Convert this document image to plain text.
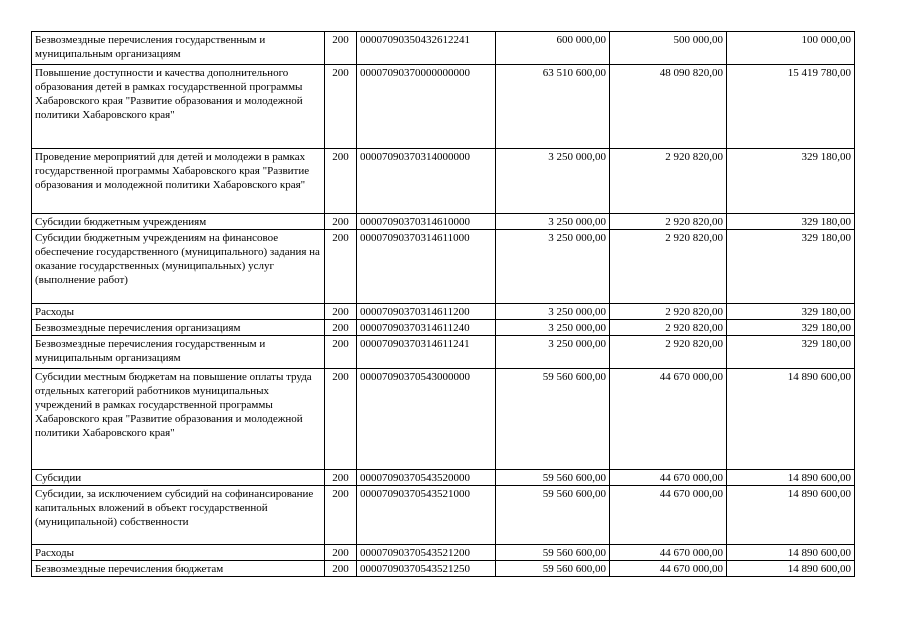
Безвозмездные перечисления государственным и муниципальным организациям	200	00007090350432612241	600 000,00	500 000,00	100 000,00
Повышение доступности и качества дополнительного образования детей в рамках государственной программы Хабаровского края "Развитие образования и молодежной политики Хабаровского края"	200	00007090370000000000	63 510 600,00	48 090 820,00	15 419 780,00
Проведение мероприятий для детей и молодежи в рамках государственной программы Хабаровского края "Развитие образования и молодежной политики Хабаровского края"	200	00007090370314000000	3 250 000,00	2 920 820,00	329 180,00
Субсидии бюджетным учреждениям	200	00007090370314610000	3 250 000,00	2 920 820,00	329 180,00
Субсидии бюджетным учреждениям на финансовое обеспечение государственного (муниципального) задания на оказание государственных (муниципальных) услуг (выполнение работ)	200	00007090370314611000	3 250 000,00	2 920 820,00	329 180,00
Расходы	200	00007090370314611200	3 250 000,00	2 920 820,00	329 180,00
Безвозмездные перечисления организациям	200	00007090370314611240	3 250 000,00	2 920 820,00	329 180,00
Безвозмездные перечисления государственным и муниципальным организациям	200	00007090370314611241	3 250 000,00	2 920 820,00	329 180,00
Субсидии местным бюджетам на повышение оплаты труда отдельных категорий работников муниципальных учреждений в рамках государственной программы Хабаровского края "Развитие образования и молодежной политики Хабаровского края"	200	00007090370543000000	59 560 600,00	44 670 000,00	14 890 600,00
Субсидии	200	00007090370543520000	59 560 600,00	44 670 000,00	14 890 600,00
Субсидии, за исключением субсидий на софинансирование капитальных вложений в объект государственной (муниципальной) собственности	200	00007090370543521000	59 560 600,00	44 670 000,00	14 890 600,00
Расходы	200	00007090370543521200	59 560 600,00	44 670 000,00	14 890 600,00
Безвозмездные перечисления бюджетам	200	00007090370543521250	59 560 600,00	44 670 000,00	14 890 600,00
